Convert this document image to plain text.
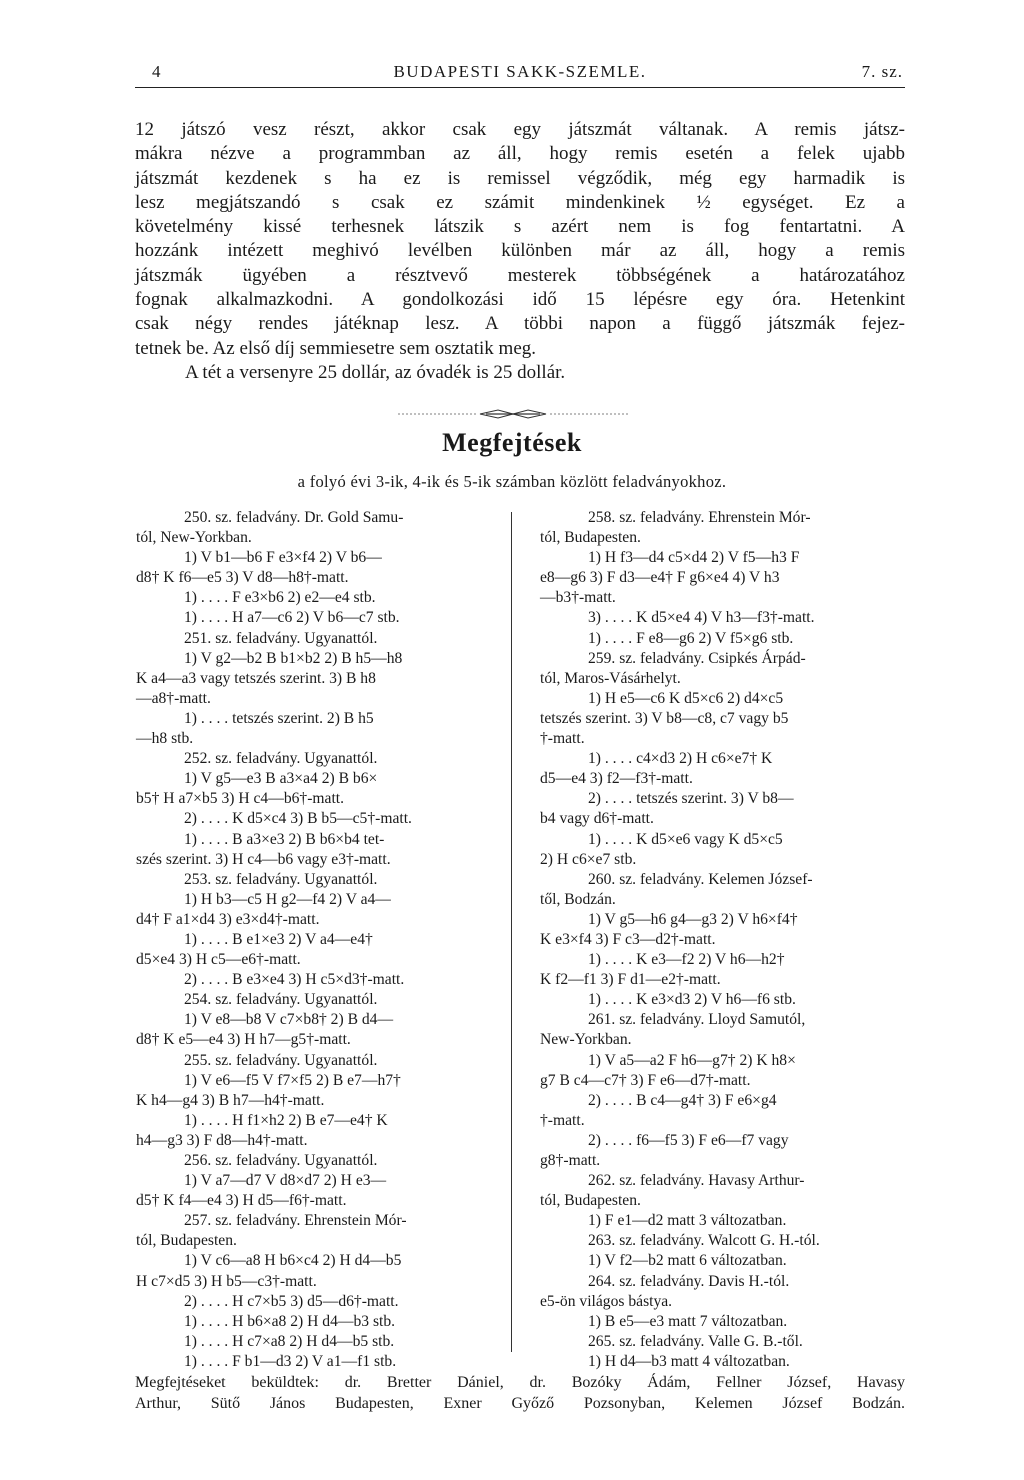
4	BUDAPESTI SAKK-SZEMLE.	7. sz.
12 játszó vesz részt, akkor csak egy játszmát váltanak. A remis játsz-
mákra nézve a programmban az áll, hogy remis esetén a felek ujabb
játszmát kezdenek s ha ez is remissel végződik, még egy harmadik is
lesz megjátszandó s csak ez számit mindenkinek ½ egységet. Ez a
követelmény kissé terhesnek látszik s azért nem is fog fentartatni. A
hozzánk intézett meghivó levélben különben már az áll, hogy a remis
játszmák ügyében a résztvevő mesterek többségének a határozatához
fognak alkalmazkodni. A gondolkozási idő 15 lépésre egy óra. Hetenkint
csak négy rendes játéknap lesz. A többi napon a függő játszmák fejez-
tetnek be. Az első díj semmiesetre sem osztatik meg.
A tét a versenyre 25 dollár, az óvadék is 25 dollár.
Megfejtések
a folyó évi 3-ik, 4-ik és 5-ik számban közlött feladványokhoz.
250. sz. feladvány. Dr. Gold Samu-
tól, New-Yorkban.
1) V b1—b6 F e3×f4 2) V b6—
d8† K f6—e5 3) V d8—h8†-matt.
1) . . . . F e3×b6 2) e2—e4 stb.
1) . . . . H a7—c6 2) V b6—c7 stb.
251. sz. feladvány. Ugyanattól.
1) V g2—b2 B b1×b2 2) B h5—h8
K a4—a3 vagy tetszés szerint. 3) B h8
—a8†-matt.
1) . . . . tetszés szerint. 2) B h5
—h8 stb.
252. sz. feladvány. Ugyanattól.
1) V g5—e3 B a3×a4 2) B b6×
b5† H a7×b5 3) H c4—b6†-matt.
2) . . . . K d5×c4 3) B b5—c5†-matt.
1) . . . . B a3×e3 2) B b6×b4 tet-
szés szerint. 3) H c4—b6 vagy e3†-matt.
253. sz. feladvány. Ugyanattól.
1) H b3—c5 H g2—f4 2) V a4—
d4† F a1×d4 3) e3×d4†-matt.
1) . . . . B e1×e3 2) V a4—e4†
d5×e4 3) H c5—e6†-matt.
2) . . . . B e3×e4 3) H c5×d3†-matt.
254. sz. feladvány. Ugyanattól.
1) V e8—b8 V c7×b8† 2) B d4—
d8† K e5—e4 3) H h7—g5†-matt.
255. sz. feladvány. Ugyanattól.
1) V e6—f5 V f7×f5 2) B e7—h7†
K h4—g4 3) B h7—h4†-matt.
1) . . . . H f1×h2 2) B e7—e4† K
h4—g3 3) F d8—h4†-matt.
256. sz. feladvány. Ugyanattól.
1) V a7—d7 V d8×d7 2) H e3—
d5† K f4—e4 3) H d5—f6†-matt.
257. sz. feladvány. Ehrenstein Mór-
tól, Budapesten.
1) V c6—a8 H b6×c4 2) H d4—b5
H c7×d5 3) H b5—c3†-matt.
2) . . . . H c7×b5 3) d5—d6†-matt.
1) . . . . H b6×a8 2) H d4—b3 stb.
1) . . . . H c7×a8 2) H d4—b5 stb.
1) . . . . F b1—d3 2) V a1—f1 stb.
258. sz. feladvány. Ehrenstein Mór-
tól, Budapesten.
1) H f3—d4 c5×d4 2) V f5—h3 F
e8—g6 3) F d3—e4† F g6×e4 4) V h3
—b3†-matt.
3) . . . . K d5×e4 4) V h3—f3†-matt.
1) . . . . F e8—g6 2) V f5×g6 stb.
259. sz. feladvány. Csipkés Árpád-
tól, Maros-Vásárhelyt.
1) H e5—c6 K d5×c6 2) d4×c5
tetszés szerint. 3) V b8—c8, c7 vagy b5
†-matt.
1) . . . . c4×d3 2) H c6×e7† K
d5—e4 3) f2—f3†-matt.
2) . . . . tetszés szerint. 3) V b8—
b4 vagy d6†-matt.
1) . . . . K d5×e6 vagy K d5×c5
2) H c6×e7 stb.
260. sz. feladvány. Kelemen József-
től, Bodzán.
1) V g5—h6 g4—g3 2) V h6×f4†
K e3×f4 3) F c3—d2†-matt.
1) . . . . K e3—f2 2) V h6—h2†
K f2—f1 3) F d1—e2†-matt.
1) . . . . K e3×d3 2) V h6—f6 stb.
261. sz. feladvány. Lloyd Samutól,
New-Yorkban.
1) V a5—a2 F h6—g7† 2) K h8×
g7 B c4—c7† 3) F e6—d7†-matt.
2) . . . . B c4—g4† 3) F e6×g4
†-matt.
2) . . . . f6—f5 3) F e6—f7 vagy
g8†-matt.
262. sz. feladvány. Havasy Arthur-
tól, Budapesten.
1) F e1—d2 matt 3 változatban.
263. sz. feladvány. Walcott G. H.-tól.
1) V f2—b2 matt 6 változatban.
264. sz. feladvány. Davis H.-tól.
e5-ön világos bástya.
1) B e5—e3 matt 7 változatban.
265. sz. feladvány. Valle G. B.-től.
1) H d4—b3 matt 4 változatban.
Megfejtéseket beküldtek: dr. Bretter Dániel, dr. Bozóky Ádám, Fellner József, Havasy
Arthur, Sütő János Budapesten, Exner Győző Pozsonyban, Kelemen József Bodzán.
